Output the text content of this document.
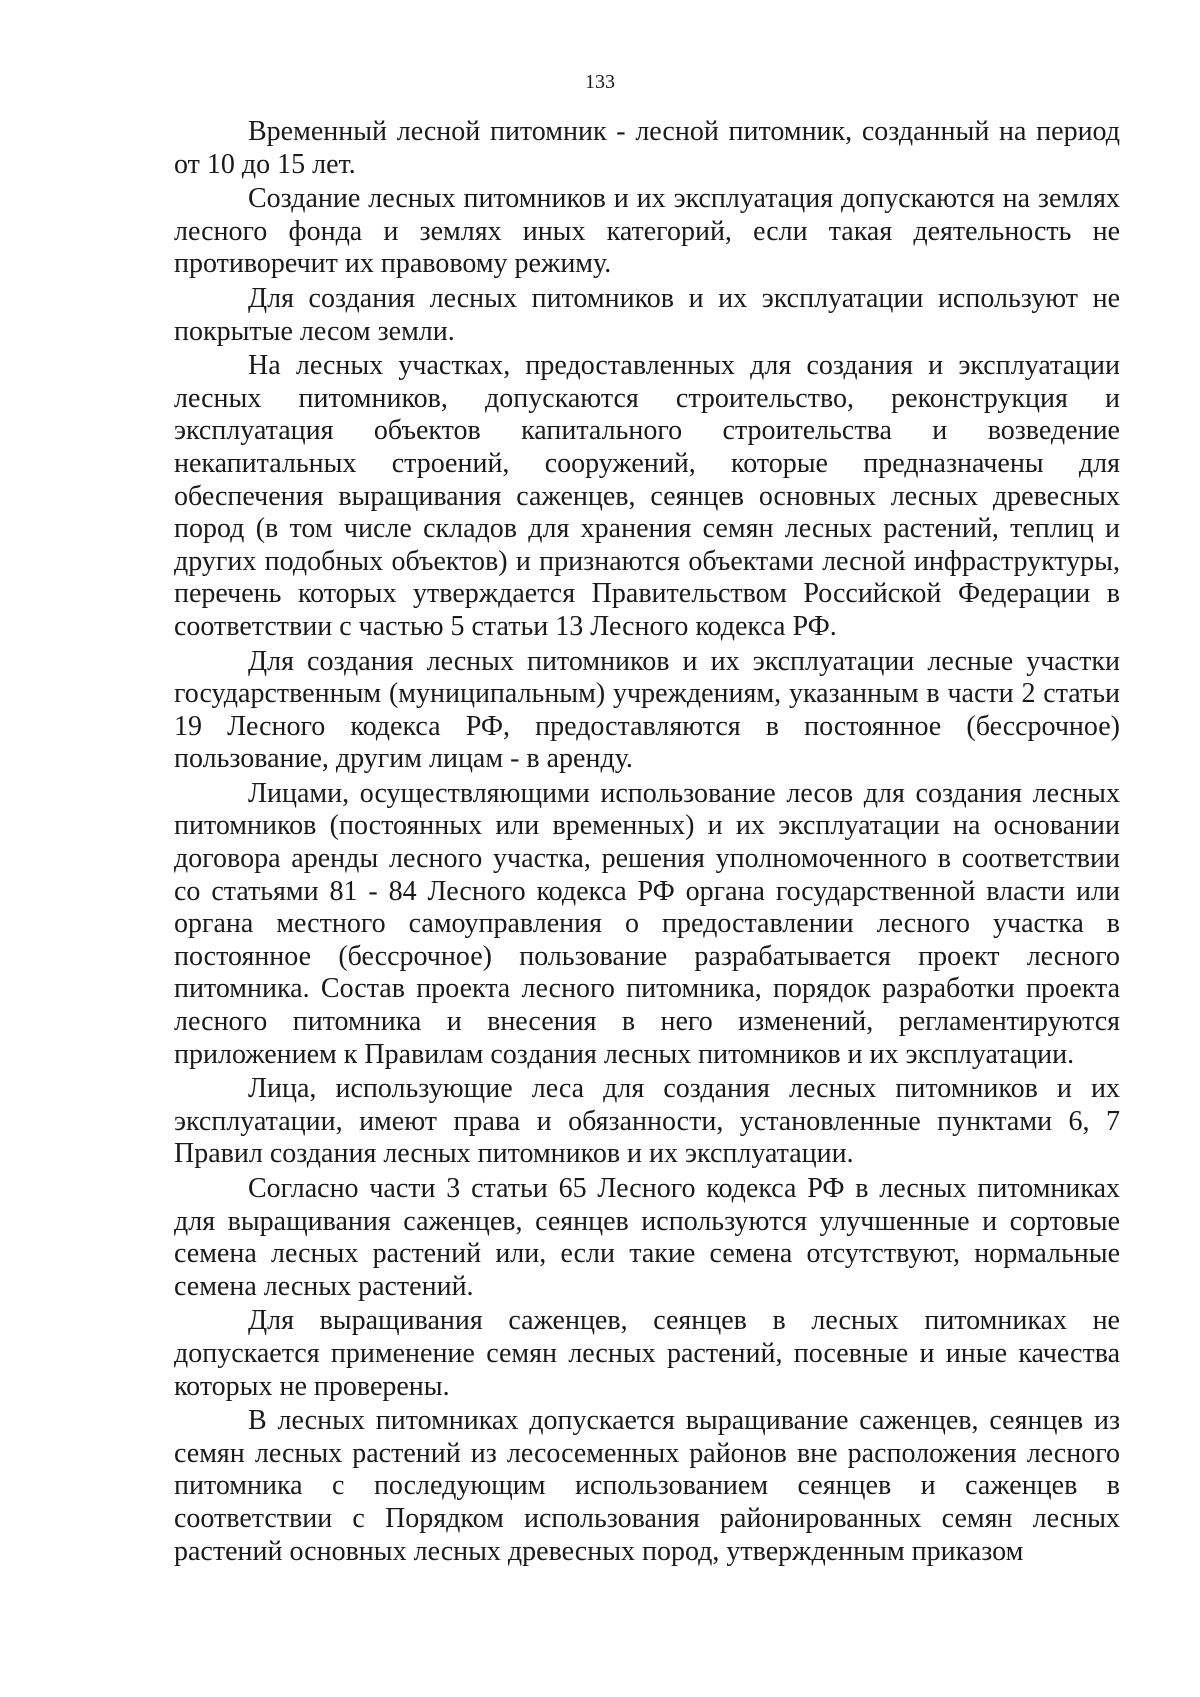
133

Временный лесной питомник - лесной питомник, созданный на период от 10 до 15 лет.

Создание лесных питомников и их эксплуатация допускаются на землях лесного фонда и землях иных категорий, если такая деятельность не противоречит их правовому режиму.

Для создания лесных питомников и их эксплуатации используют не покрытые лесом земли.

На лесных участках, предоставленных для создания и эксплуатации лесных питомников, допускаются строительство, реконструкция и эксплуатация объектов капитального строительства и возведение некапитальных строений, сооружений, которые предназначены для обеспечения выращивания саженцев, сеянцев основных лесных древесных пород (в том числе складов для хранения семян лесных растений, теплиц и других подобных объектов) и признаются объектами лесной инфраструктуры, перечень которых утверждается Правительством Российской Федерации в соответствии с частью 5 статьи 13 Лесного кодекса РФ.

Для создания лесных питомников и их эксплуатации лесные участки государственным (муниципальным) учреждениям, указанным в части 2 статьи 19 Лесного кодекса РФ, предоставляются в постоянное (бессрочное) пользование, другим лицам - в аренду.

Лицами, осуществляющими использование лесов для создания лесных питомников (постоянных или временных) и их эксплуатации на основании договора аренды лесного участка, решения уполномоченного в соответствии со статьями 81 - 84 Лесного кодекса РФ органа государственной власти или органа местного самоуправления о предоставлении лесного участка в постоянное (бессрочное) пользование разрабатывается проект лесного питомника. Состав проекта лесного питомника, порядок разработки проекта лесного питомника и внесения в него изменений, регламентируются приложением к Правилам создания лесных питомников и их эксплуатации.

Лица, использующие леса для создания лесных питомников и их эксплуатации, имеют права и обязанности, установленные пунктами 6, 7 Правил создания лесных питомников и их эксплуатации.

Согласно части 3 статьи 65 Лесного кодекса РФ в лесных питомниках для выращивания саженцев, сеянцев используются улучшенные и сортовые семена лесных растений или, если такие семена отсутствуют, нормальные семена лесных растений.

Для выращивания саженцев, сеянцев в лесных питомниках не допускается применение семян лесных растений, посевные и иные качества которых не проверены.

В лесных питомниках допускается выращивание саженцев, сеянцев из семян лесных растений из лесосеменных районов вне расположения лесного питомника с последующим использованием сеянцев и саженцев в соответствии с Порядком использования районированных семян лесных растений основных лесных древесных пород, утвержденным приказом
